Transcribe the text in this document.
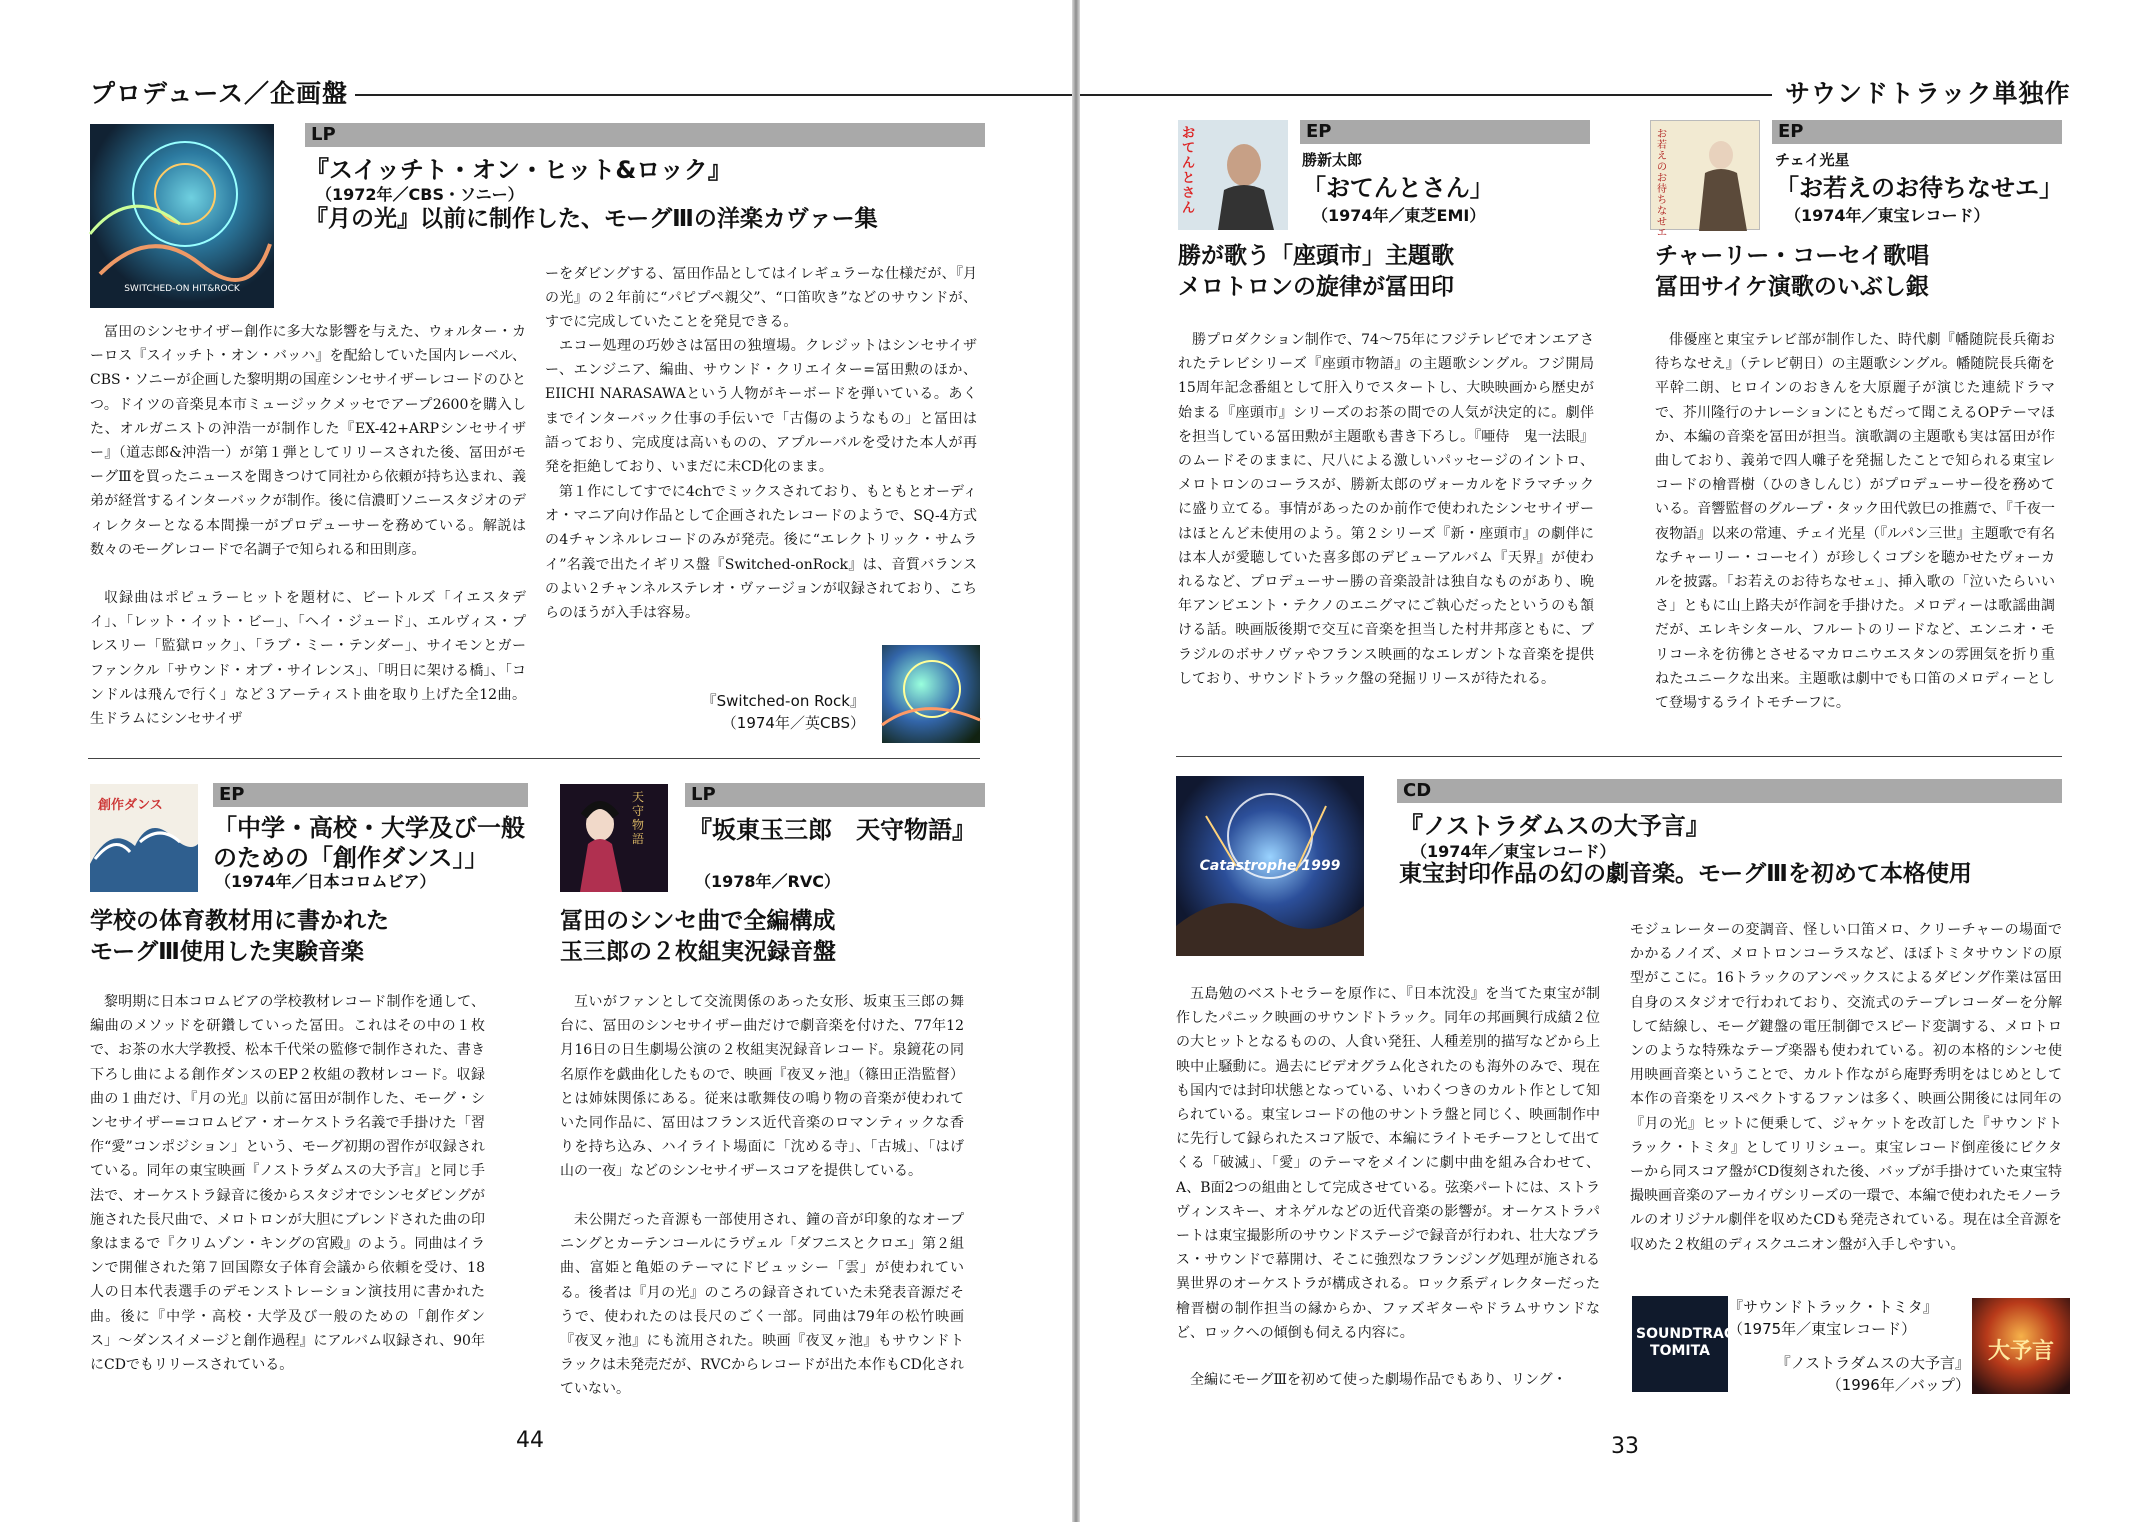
プロデュース／企画盤
SWITCHED-ON HIT&ROCK
LP
『スイッチト・オン・ヒット&ロック』
（1972年／CBS・ソニー）
『月の光』以前に制作した、モーグⅢの洋楽カヴァー集
冨田のシンセサイザー創作に多大な影響を与えた、ウォルター・カーロス『スイッチト・オン・バッハ』を配給していた国内レーベル、CBS・ソニーが企画した黎明期の国産シンセサイザーレコードのひとつ。ドイツの音楽見本市ミュージックメッセでアープ2600を購入した、オルガニストの沖浩一が制作した『EX-42+ARPシンセサイザー』（道志郎&沖浩一）が第１弾としてリリースされた後、冨田がモーグⅢを買ったニュースを聞きつけて同社から依頼が持ち込まれ、義弟が経営するインターバックが制作。後に信濃町ソニースタジオのディレクターとなる本間操一がプロデューサーを務めている。解説は数々のモーグレコードで名調子で知られる和田則彦。
収録曲はポピュラーヒットを題材に、ビートルズ「イエスタデイ」、「レット・イット・ビー」、「ヘイ・ジュード」、エルヴィス・プレスリー「監獄ロック」、「ラブ・ミー・テンダー」、サイモンとガーファンクル「サウンド・オブ・サイレンス」、「明日に架ける橋」、「コンドルは飛んで行く」など３アーティスト曲を取り上げた全12曲。生ドラムにシンセサイザ
ーをダビングする、冨田作品としてはイレギュラーな仕様だが、『月の光』の２年前に“パピプペ親父”、“口笛吹き”などのサウンドが、すでに完成していたことを発見できる。
エコー処理の巧妙さは冨田の独壇場。クレジットはシンセサイザー、エンジニア、編曲、サウンド・クリエイター=冨田勲のほか、EIICHI NARASAWAという人物がキーボードを弾いている。あくまでインターバック仕事の手伝いで「古傷のようなもの」と冨田は語っており、完成度は高いものの、アプルーバルを受けた本人が再発を拒絶しており、いまだに未CD化のまま。
第１作にしてすでに4chでミックスされており、もともとオーディオ・マニア向け作品として企画されたレコードのようで、SQ-4方式の4チャンネルレコードのみが発売。後に“エレクトリック・サムライ”名義で出たイギリス盤『Switched-onRock』は、音質バランスのよい２チャンネルステレオ・ヴァージョンが収録されており、こちらのほうが入手は容易。
『Switched-on Rock』
（1974年／英CBS）
創作ダンス
EP
「中学・高校・大学及び一般
のための「創作ダンス」」
（1974年／日本コロムビア）
学校の体育教材用に書かれた
モーグⅢ使用した実験音楽
黎明期に日本コロムビアの学校教材レコード制作を通して、編曲のメソッドを研鑽していった冨田。これはその中の１枚で、お茶の水大学教授、松本千代栄の監修で制作された、書き下ろし曲による創作ダンスのEP２枚組の教材レコード。収録曲の１曲だけ、『月の光』以前に冨田が制作した、モーグ・シンセサイザー=コロムビア・オーケストラ名義で手掛けた「習作“愛”コンポジション」という、モーグ初期の習作が収録されている。同年の東宝映画『ノストラダムスの大予言』と同じ手法で、オーケストラ録音に後からスタジオでシンセダビングが施された長尺曲で、メロトロンが大胆にブレンドされた曲の印象はまるで『クリムゾン・キングの宮殿』のよう。同曲はイランで開催された第７回国際女子体育会議から依頼を受け、18人の日本代表選手のデモンストレーション演技用に書かれた曲。後に『中学・高校・大学及び一般のための「創作ダンス」〜ダンスイメージと創作過程』にアルバム収録され、90年にCDでもリリースされている。
天守物語
LP
『坂東玉三郎　天守物語』
（1978年／RVC）
冨田のシンセ曲で全編構成
玉三郎の２枚組実況録音盤
互いがファンとして交流関係のあった女形、坂東玉三郎の舞台に、冨田のシンセサイザー曲だけで劇音楽を付けた、77年12月16日の日生劇場公演の２枚組実況録音レコード。泉鏡花の同名原作を戯曲化したもので、映画『夜叉ヶ池』（篠田正浩監督）とは姉妹関係にある。従来は歌舞伎の鳴り物の音楽が使われていた同作品に、冨田はフランス近代音楽のロマンティックな香りを持ち込み、ハイライト場面に「沈める寺」、「古城」、「はげ山の一夜」などのシンセサイザースコアを提供している。
未公開だった音源も一部使用され、鐘の音が印象的なオープニングとカーテンコールにラヴェル「ダフニスとクロエ」第２組曲、富姫と亀姫のテーマにドビュッシー「雲」が使われている。後者は『月の光』のころの録音されていた未発表音源だそうで、使われたのは長尺のごく一部。同曲は79年の松竹映画『夜叉ヶ池』にも流用された。映画『夜叉ヶ池』もサウンドトラックは未発売だが、RVCからレコードが出た本作もCD化されていない。
44
サウンドトラック単独作
おてんとさん
EP
勝新太郎
「おてんとさん」
（1974年／東芝EMI）
勝が歌う「座頭市」主題歌
メロトロンの旋律が冨田印
勝プロダクション制作で、74〜75年にフジテレビでオンエアされたテレビシリーズ『座頭市物語』の主題歌シングル。フジ開局15周年記念番組として肝入りでスタートし、大映映画から歴史が始まる『座頭市』シリーズのお茶の間での人気が決定的に。劇伴を担当している冨田勲が主題歌も書き下ろし。『唖侍　鬼一法眼』のムードそのままに、尺八による激しいパッセージのイントロ、メロトロンのコーラスが、勝新太郎のヴォーカルをドラマチックに盛り立てる。事情があったのか前作で使われたシンセサイザーはほとんど未使用のよう。第２シリーズ『新・座頭市』の劇伴には本人が愛聴していた喜多郎のデビューアルバム『天界』が使われるなど、プロデューサー勝の音楽設計は独自なものがあり、晩年アンビエント・テクノのエニグマにご執心だったというのも頷ける話。映画版後期で交互に音楽を担当した村井邦彦ともに、ブラジルのボサノヴァやフランス映画的なエレガントな音楽を提供しており、サウンドトラック盤の発掘リリースが待たれる。
お若えのお待ちなせエ
EP
チェイ光星
「お若えのお待ちなせエ」
（1974年／東宝レコード）
チャーリー・コーセイ歌唱
冨田サイケ演歌のいぶし銀
俳優座と東宝テレビ部が制作した、時代劇『幡随院長兵衛お待ちなせえ』（テレビ朝日）の主題歌シングル。幡随院長兵衛を平幹二朗、ヒロインのおきんを大原麗子が演じた連続ドラマで、芥川隆行のナレーションにともだって聞こえるOPテーマほか、本編の音楽を冨田が担当。演歌調の主題歌も実は冨田が作曲しており、義弟で四人囃子を発掘したことで知られる東宝レコードの檜晋樹（ひのきしんじ）がプロデューサー役を務めている。音響監督のグループ・タック田代敦巳の推薦で、『千夜一夜物語』以来の常連、チェイ光星（『ルパン三世』主題歌で有名なチャーリー・コーセイ）が珍しくコブシを聴かせたヴォーカルを披露。「お若えのお待ちなせェ」、挿入歌の「泣いたらいいさ」ともに山上路夫が作詞を手掛けた。メロディーは歌謡曲調だが、エレキシタール、フルートのリードなど、エンニオ・モリコーネを彷彿とさせるマカロニウエスタンの雰囲気を折り重ねたユニークな出来。主題歌は劇中でも口笛のメロディーとして登場するライトモチーフに。
Catastrophe 1999
CD
『ノストラダムスの大予言』
（1974年／東宝レコード）
東宝封印作品の幻の劇音楽。モーグⅢを初めて本格使用
五島勉のベストセラーを原作に、『日本沈没』を当てた東宝が制作したパニック映画のサウンドトラック。同年の邦画興行成績２位の大ヒットとなるものの、人食い発狂、人種差別的描写などから上映中止騒動に。過去にビデオグラム化されたのも海外のみで、現在も国内では封印状態となっている、いわくつきのカルト作として知られている。東宝レコードの他のサントラ盤と同じく、映画制作中に先行して録られたスコア版で、本編にライトモチーフとして出てくる「破滅」、「愛」のテーマをメインに劇中曲を組み合わせて、A、B面2つの組曲として完成させている。弦楽パートには、ストラヴィンスキー、オネゲルなどの近代音楽の影響が。オーケストラパートは東宝撮影所のサウンドステージで録音が行われ、壮大なブラス・サウンドで幕開け、そこに強烈なフランジング処理が施される異世界のオーケストラが構成される。ロック系ディレクターだった檜晋樹の制作担当の縁からか、ファズギターやドラムサウンドなど、ロックへの傾倒も伺える内容に。
全編にモーグⅢを初めて使った劇場作品でもあり、リング・
モジュレーターの変調音、怪しい口笛メロ、クリーチャーの場面でかかるノイズ、メロトロンコーラスなど、ほぼトミタサウンドの原型がここに。16トラックのアンペックスによるダビング作業は冨田自身のスタジオで行われており、交流式のテープレコーダーを分解して結線し、モーグ鍵盤の電圧制御でスピード変調する、メロトロンのような特殊なテープ楽器も使われている。初の本格的シンセ使用映画音楽ということで、カルト作ながら庵野秀明をはじめとして本作の音楽をリスペクトするファンは多く、映画公開後には同年の『月の光』ヒットに便乗して、ジャケットを改訂した『サウンドトラック・トミタ』としてリリシュー。東宝レコード倒産後にビクターから同スコア盤がCD復刻された後、バップが手掛けていた東宝特撮映画音楽のアーカイヴシリーズの一環で、本編で使われたモノーラルのオリジナル劇伴を収めたCDも発売されている。現在は全音源を収めた２枚組のディスクユニオン盤が入手しやすい。
SOUNDTRACK TOMITA
『サウンドトラック・トミタ』
（1975年／東宝レコード）
『ノストラダムスの大予言』
（1996年／バップ）
大予言
33
